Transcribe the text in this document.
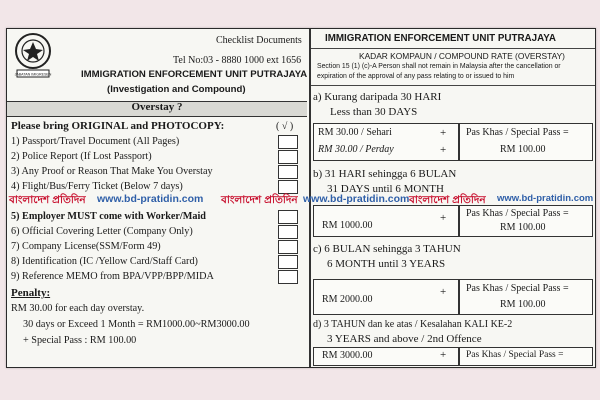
JABATAN IMIGRESEN
Checklist Documents
Tel No:03 - 8880 1000 ext 1656
IMMIGRATION ENFORCEMENT UNIT PUTRAJAYA
(Investigation and Compound)
Overstay ?
Please bring ORIGINAL and PHOTOCOPY:	( √ )
1) Passport/Travel Document (All Pages)
2) Police Report (If Lost Passport)
3) Any Proof or Reason That Make You Overstay
4) Flight/Bus/Ferry Ticket (Below 7 days)
5) Employer MUST come with Worker/Maid
6) Official Covering Letter (Company Only)
7) Company License(SSM/Form 49)
8) Identification (IC /Yellow Card/Staff Card)
9) Reference MEMO from BPA/VPP/BPP/MIDA
Penalty:
RM 30.00 for each day overstay.
30 days or Exceed 1 Month = RM1000.00~RM3000.00
+ Special Pass : RM 100.00
IMMIGRATION ENFORCEMENT UNIT PUTRAJAYA
KADAR KOMPAUN / COMPOUND RATE (OVERSTAY)
Section 15 (1) (c)-A Person shall not remain in Malaysia after the cancellation or
expiration of the approval of any pass relating to or issued to him
a) Kurang daripada 30 HARI
Less than 30 DAYS
RM 30.00 / Sehari
RM 30.00 / Perday
+
+
Pas Khas / Special Pass =
RM 100.00
b) 31 HARI sehingga 6 BULAN
31 DAYS until 6 MONTH
RM 1000.00
+ Pas Khas / Special Pass =
RM 100.00
c) 6 BULAN sehingga 3 TAHUN
6 MONTH until 3 YEARS
RM 2000.00
+ Pas Khas / Special Pass =
RM 100.00
d) 3 TAHUN dan ke atas / Kesalahan KALI KE-2
3 YEARS and above / 2nd Offence
RM 3000.00	+ Pas Khas / Special Pass =
বাংলাদেশ প্রতিদিন www.bd-pratidin.com বাংলাদেশ প্রতিদিন www.bd-pratidin.com বাংলাদেশ প্রতিদিন www.bd-pratidin.com
